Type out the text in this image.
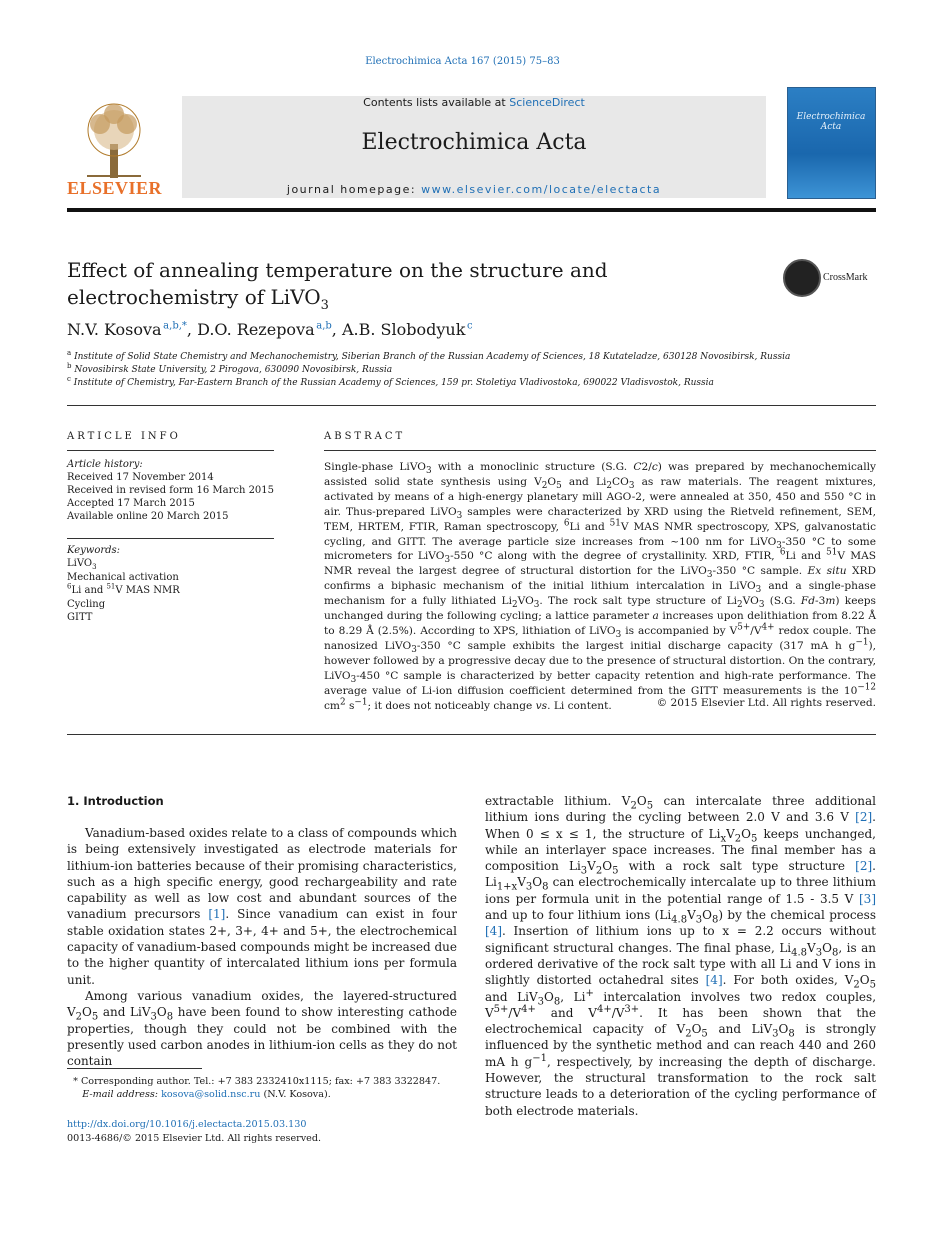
Electrochimica Acta 167 (2015) 75–83
ELSEVIER
Contents lists available at ScienceDirect
Electrochimica Acta
journal homepage: www.elsevier.com/locate/electacta
Electrochimica Acta
Effect of annealing temperature on the structure and electrochemistry of LiVO$_3$
CrossMark
N.V. Kosova  $^{a,b,*}$, D.O. Rezepova  $^{a,b}$, A.B. Slobodyuk  $^c$
$^a$ Institute of Solid State Chemistry and Mechanochemistry, Siberian Branch of the Russian Academy of Sciences, 18 Kutateladze, 630128 Novosibirsk, Russia
$^b$ Novosibirsk State University, 2 Pirogova, 630090 Novosibirsk, Russia
$^c$ Institute of Chemistry, Far-Eastern Branch of the Russian Academy of Sciences, 159 pr. Stoletiya Vladivostoka, 690022 Vladisvostok, Russia
ARTICLE INFO
Article history:
Received 17 November 2014
Received in revised form 16 March 2015
Accepted 17 March 2015
Available online 20 March 2015
Keywords:
LiVO$_3$
Mechanical activation
$^6$Li and $^{51}$V MAS NMR
Cycling
GITT
ABSTRACT
Single-phase LiVO$_3$ with a monoclinic structure (S.G. C2/c) was prepared by mechanochemically assisted solid state synthesis using $V_2O_5$ and $Li_2CO_3$ as raw materials. The reagent mixtures, activated by means of a high-energy planetary mill AGO-2, were annealed at 350, 450 and 550 °C in air. Thus-prepared LiVO$_3$ samples were characterized by XRD using the Rietveld refinement, SEM, TEM, HRTEM, FTIR, Raman spectroscopy, $^6$Li and $^{51}$V MAS NMR spectroscopy, XPS, galvanostatic cycling, and GITT. The average particle size increases from ~100 nm for LiVO$_3$-350 °C to some micrometers for LiVO$_3$-550 °C along with the degree of crystallinity. XRD, FTIR, $^6$Li and $^{51}$V MAS NMR reveal the largest degree of structural distortion for the LiVO$_3$-350 °C sample. Ex situ XRD confirms a biphasic mechanism of the initial lithium intercalation in LiVO$_3$ and a single-phase mechanism for a fully lithiated $Li_2VO_3$. The rock salt type structure of $Li_2VO_3$ (S.G. Fd-3m) keeps unchanged during the following cycling; a lattice parameter a increases upon delithiation from 8.22 Å to 8.29 Å (2.5%). According to XPS, lithiation of LiVO$_3$ is accompanied by $V^{5+}/V^{4+}$ redox couple. The nanosized LiVO$_3$-350 °C sample exhibits the largest initial discharge capacity (317 mA h $g^{-1}$), however followed by a progressive decay due to the presence of structural distortion. On the contrary, LiVO$_3$-450 °C sample is characterized by better capacity retention and high-rate performance. The average value of Li-ion diffusion coefficient determined from the GITT measurements is the $10^{-12}$ $cm^2$ $s^{-1}$; it does not noticeably change vs. Li content.	© 2015 Elsevier Ltd. All rights reserved.
1. Introduction

Vanadium-based oxides relate to a class of compounds which is being extensively investigated as electrode materials for lithium-ion batteries because of their promising characteristics, such as a high specific energy, good rechargeability and rate capability as well as low cost and abundant sources of the vanadium precursors [1]. Since vanadium can exist in four stable oxidation states 2+, 3+, 4+ and 5+, the electrochemical capacity of vanadium-based compounds might be increased due to the higher quantity of intercalated lithium ions per formula unit.

Among various vanadium oxides, the layered-structured $V_2O_5$ and $LiV_3O_8$ have been found to show interesting cathode properties, though they could not be combined with the presently used carbon anodes in lithium-ion cells as they do not contain

extractable lithium. $V_2O_5$ can intercalate three additional lithium ions during the cycling between 2.0 V and 3.6 V [2]. When 0 ≤ x ≤ 1, the structure of $Li_xV_2O_5$ keeps unchanged, while an interlayer space increases. The final member has a composition $Li_3V_2O_5$ with a rock salt type structure [2]. $Li_{1+x}V_3O_8$ can electrochemically intercalate up to three lithium ions per formula unit in the potential range of 1.5 - 3.5 V [3] and up to four lithium ions $(Li_{4.8}V_3O_8)$ by the chemical process [4]. Insertion of lithium ions up to x = 2.2 occurs without significant structural changes. The final phase, $Li_{4.8}V_3O_8$, is an ordered derivative of the rock salt type with all Li and V ions in slightly distorted octahedral sites [4]. For both oxides, $V_2O_5$ and $LiV_3O_8$, Li+ intercalation involves two redox couples, $V^{5+}/V^{4+}$ and $V^{4+}/V^{3+}$. It has been shown that the electrochemical capacity of $V_2O_5$ and $LiV_3O_8$ is strongly influenced by the synthetic method and can reach 440 and 260 mA h $g^{-1}$, respectively, by increasing the depth of discharge. However, the structural transformation to the rock salt structure leads to a deterioration of the cycling performance of both electrode materials.

* Corresponding author. Tel.: +7 383 2332410x1115; fax: +7 383 3322847.
E-mail address: kosova@solid.nsc.ru (N.V. Kosova).
http://dx.doi.org/10.1016/j.electacta.2015.03.130
0013-4686/© 2015 Elsevier Ltd. All rights reserved.
